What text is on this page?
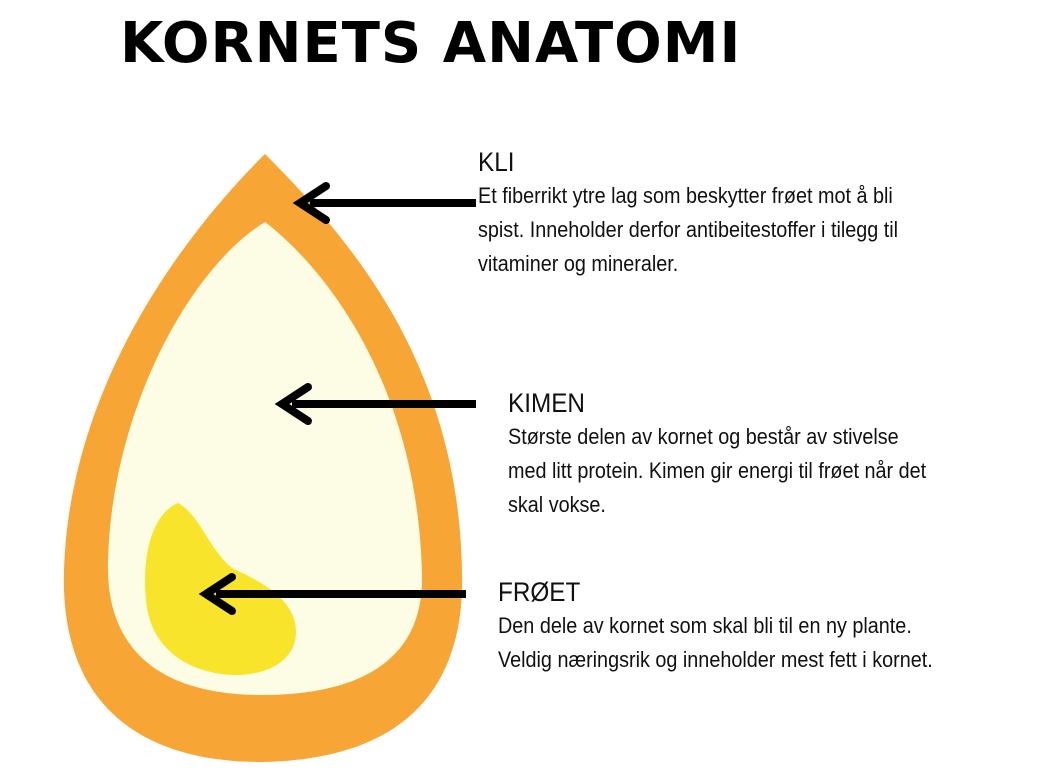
KORNETS ANATOMI
KLI
Et fiberrikt ytre lag som beskytter frøet mot å bli
spist. Inneholder derfor antibeitestoffer i tilegg til
vitaminer og mineraler.
KIMEN
Største delen av kornet og består av stivelse
med litt protein. Kimen gir energi til frøet når det
skal vokse.
FRØET
Den dele av kornet som skal bli til en ny plante.
Veldig næringsrik og inneholder mest fett i kornet.
